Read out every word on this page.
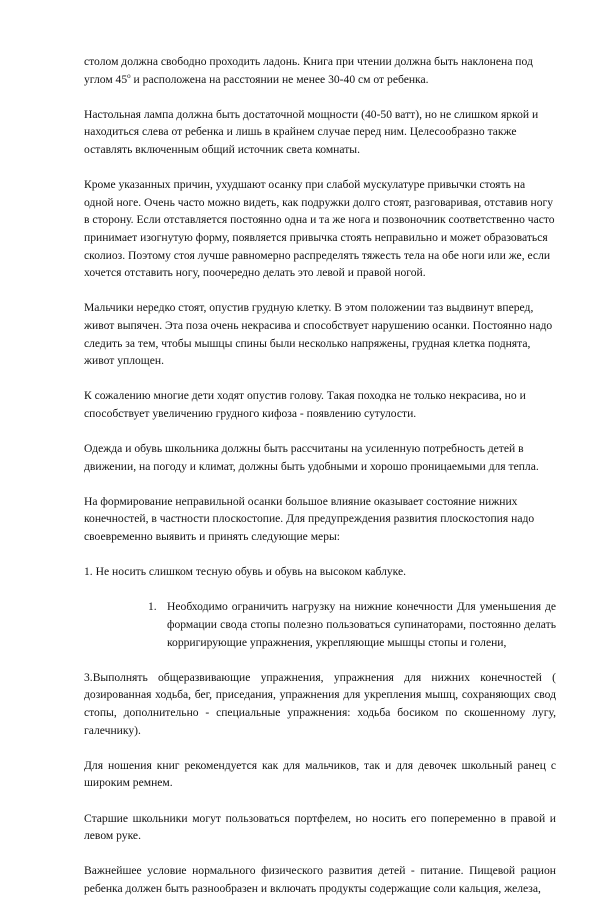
столом должна свободно проходить ладонь. Книга при чтении должна быть наклонена под углом $45^о$ и расположена на расстоянии не менее 30-40 см от ребенка.

Настольная лампа должна быть достаточной мощности (40-50 ватт), но не слишком яркой и находиться слева от ребенка и лишь в крайнем случае перед ним. Целесообразно также оставлять включенным общий источник света комнаты.

Кроме указанных причин, ухудшают осанку при слабой мускулатуре привычки стоять на одной ноге. Очень часто можно видеть, как подружки долго стоят, разговаривая, отставив ногу в сторону. Если отставляется постоянно одна и та же нога и позвоночник соответственно часто принимает изогнутую форму, появляется привычка стоять неправильно и может образоваться сколиоз. Поэтому стоя лучше равномерно распределять тяжесть тела на обе ноги или же, если хочется отставить ногу, поочередно делать это левой и правой ногой.

Мальчики нередко стоят, опустив грудную клетку. В этом положении таз выдвинут вперед, живот выпячен. Эта поза очень некрасива и способствует нарушению осанки. Постоянно надо следить за тем, чтобы мышцы спины были несколько напряжены, грудная клетка поднята, живот уплощен.

К сожалению многие дети ходят опустив голову. Такая походка не только некрасива, но и способствует увеличению грудного кифоза - появлению сутулости.

Одежда и обувь школьника должны быть рассчитаны на усиленную потребность детей в движении, на погоду и климат, должны быть удобными и хорошо проницаемыми для тепла.

На формирование неправильной осанки большое влияние оказывает состояние нижних конечностей, в частности плоскостопие. Для предупреждения развития плоскостопия надо своевременно выявить и принять следующие меры:

1. Не носить слишком тесную обувь и обувь на высоком каблуке.

1. Необходимо ограничить нагрузку на нижние конечности Для уменьшения де формации свода стопы полезно пользоваться супинаторами, постоянно делать корригирующие упражнения, укрепляющие мышцы стопы и голени,

3.Выполнять общеразвивающие упражнения, упражнения для нижних конечностей ( дозированная ходьба, бег, приседания, упражнения для укрепления мышц, сохраняющих свод стопы, дополнительно - специальные упражнения: ходьба босиком по скошенному лугу, галечнику).

Для ношения книг рекомендуется как для мальчиков, так и для девочек школьный ранец с широким ремнем.

Старшие школьники могут пользоваться портфелем, но носить его попеременно в правой и левом руке.

Важнейшее условие нормального физического развития детей - питание. Пищевой рацион ребенка должен быть разнообразен и включать продукты содержащие соли кальция, железа,
